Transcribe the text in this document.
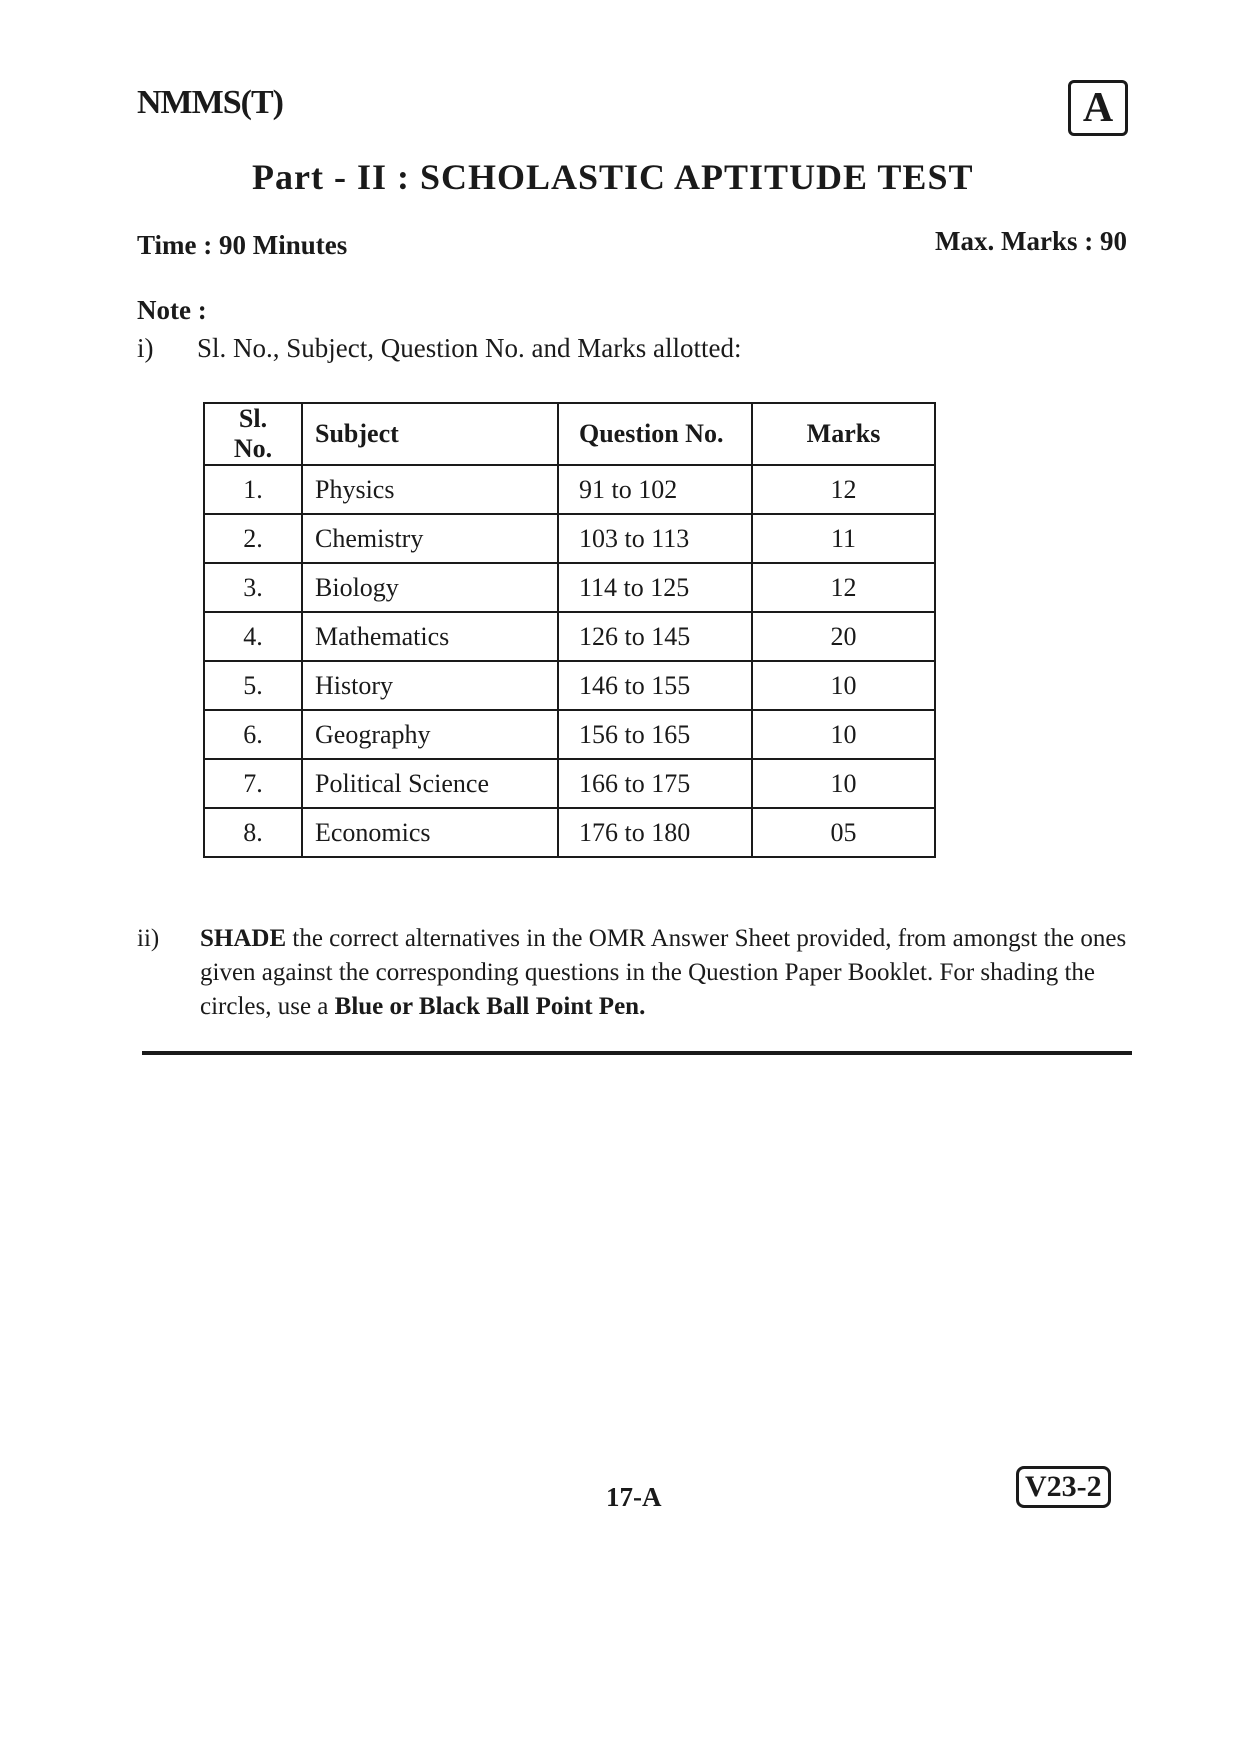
NMMS(T)	A
Part - II : SCHOLASTIC APTITUDE TEST
Time : 90 Minutes	Max. Marks : 90
Note :
i) Sl. No., Subject, Question No. and Marks allotted:
Sl. No.	Subject	Question No.	Marks
1.	Physics	91 to 102	12
2.	Chemistry	103 to 113	11
3.	Biology	114 to 125	12
4.	Mathematics	126 to 145	20
5.	History	146 to 155	10
6.	Geography	156 to 165	10
7.	Political Science	166 to 175	10
8.	Economics	176 to 180	05
ii) SHADE the correct alternatives in the OMR Answer Sheet provided, from amongst the ones given against the corresponding questions in the Question Paper Booklet. For shading the circles, use a Blue or Black Ball Point Pen.
17-A	V23-2
